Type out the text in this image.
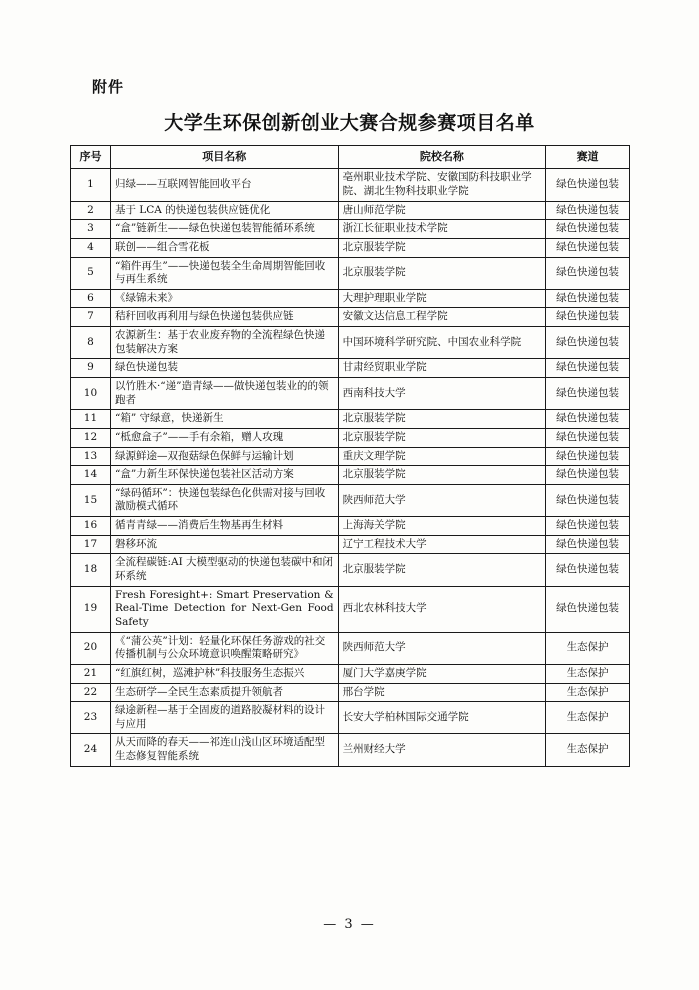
附件
大学生环保创新创业大赛合规参赛项目名单
序号	项目名称	院校名称	赛道
1	归绿——互联网智能回收平台	亳州职业技术学院、安徽国防科技职业学院、湖北生物科技职业学院	绿色快递包装
2	基于 LCA 的快递包装供应链优化	唐山师范学院	绿色快递包装
3	“盒”链新生——绿色快递包装智能循环系统	浙江长征职业技术学院	绿色快递包装
4	联创——组合雪花板	北京服装学院	绿色快递包装
5	“箱件再生”——快递包装全生命周期智能回收与再生系统	北京服装学院	绿色快递包装
6	《绿锦未来》	大理护理职业学院	绿色快递包装
7	秸秆回收再利用与绿色快递包装供应链	安徽文达信息工程学院	绿色快递包装
8	农源新生：基于农业废弃物的全流程绿色快递包装解决方案	中国环境科学研究院、中国农业科学院	绿色快递包装
9	绿色快递包装	甘肃经贸职业学院	绿色快递包装
10	以竹胜木·“递”造青绿——做快递包装业的的领跑者	西南科技大学	绿色快递包装
11	“箱” 守绿意，快递新生	北京服装学院	绿色快递包装
12	“柢愈盒子”——手有余箱，赠人攻瑰	北京服装学院	绿色快递包装
13	绿源鲜途—双孢菇绿色保鲜与运输计划	重庆文理学院	绿色快递包装
14	“盒”力新生环保快递包装社区活动方案	北京服装学院	绿色快递包装
15	“绿码循环”：快递包装绿色化供需对接与回收激励模式循环	陕西师范大学	绿色快递包装
16	循青青绿——消费后生物基再生材料	上海海关学院	绿色快递包装
17	磐移环流	辽宁工程技术大学	绿色快递包装
18	全流程碳链:AI 大模型驱动的快递包装碳中和闭环系统	北京服装学院	绿色快递包装
19	Fresh Foresight+: Smart Preservation & Real-Time Detection for Next-Gen Food Safety	西北农林科技大学	绿色快递包装
20	《“蒲公英”计划：轻量化环保任务游戏的社交传播机制与公众环境意识唤醒策略研究》	陕西师范大学	生态保护
21	“红旗红树，巡滩护林”科技服务生态振兴	厦门大学嘉庚学院	生态保护
22	生态研学—全民生态素质提升领航者	邢台学院	生态保护
23	绿途新程—基于全固废的道路胶凝材料的设计与应用	长安大学柏林国际交通学院	生态保护
24	从天而降的春天——祁连山浅山区环境适配型生态修复智能系统	兰州财经大学	生态保护
— 3 —
